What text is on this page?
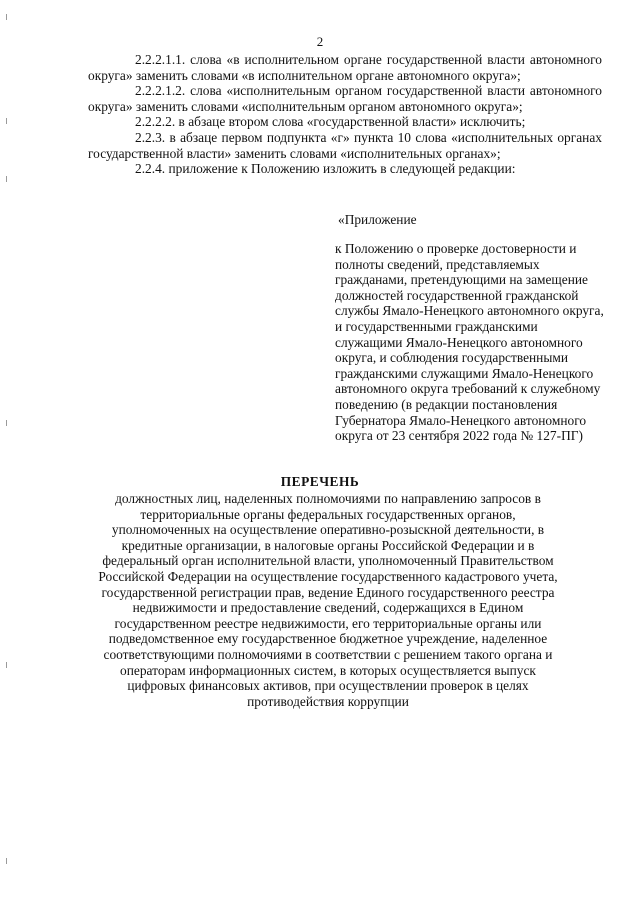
2

2.2.2.1.1. слова «в исполнительном органе государственной власти автономного округа» заменить словами «в исполнительном органе автономного округа»;

2.2.2.1.2. слова «исполнительным органом государственной власти автономного округа» заменить словами «исполнительным органом автономного округа»;

2.2.2.2. в абзаце втором слова «государственной власти» исключить;

2.2.3. в абзаце первом подпункта «г» пункта 10 слова «исполнительных органах государственной власти» заменить словами «исполнительных органах»;

2.2.4. приложение к Положению изложить в следующей редакции:

«Приложение
к Положению о проверке достоверности и полноты сведений, представляемых гражданами, претендующими на замещение должностей государственной гражданской службы Ямало-Ненецкого автономного округа, и государственными гражданскими служащими Ямало-Ненецкого автономного округа, и соблюдения государственными гражданскими служащими Ямало-Ненецкого автономного округа требований к служебному поведению (в редакции постановления Губернатора Ямало-Ненецкого автономного округа от 23 сентября 2022 года № 127-ПГ)
ПЕРЕЧЕНЬ
должностных лиц, наделенных полномочиями по направлению запросов в территориальные органы федеральных государственных органов, уполномоченных на осуществление оперативно-розыскной деятельности, в кредитные организации, в налоговые органы Российской Федерации и в федеральный орган исполнительной власти, уполномоченный Правительством Российской Федерации на осуществление государственного кадастрового учета, государственной регистрации прав, ведение Единого государственного реестра недвижимости и предоставление сведений, содержащихся в Едином государственном реестре недвижимости, его территориальные органы или подведомственное ему государственное бюджетное учреждение, наделенное соответствующими полномочиями в соответствии с решением такого органа и операторам информационных систем, в которых осуществляется выпуск цифровых финансовых активов, при осуществлении проверок в целях противодействия коррупции
